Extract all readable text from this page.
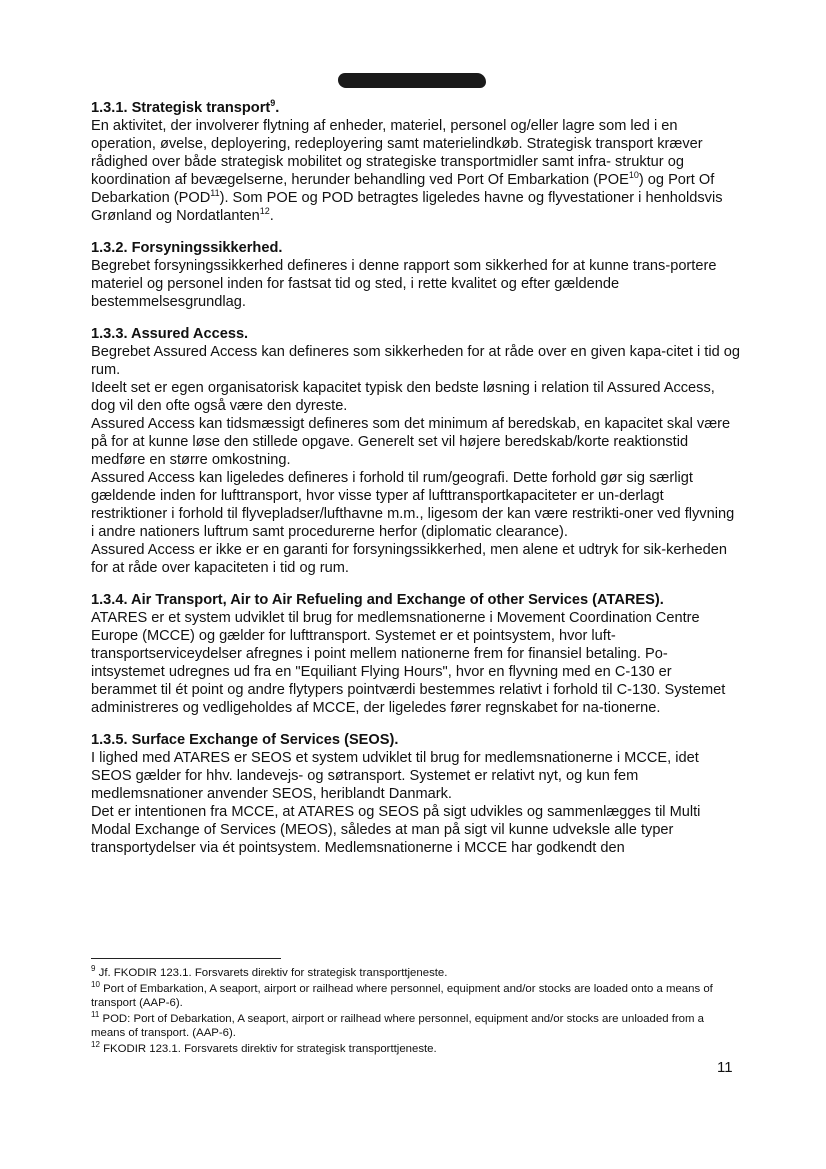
1.3.1. Strategisk transport$^9$.

En aktivitet, der involverer flytning af enheder, materiel, personel og/eller lagre som led i en operation, øvelse, deployering, redeployering samt materielindkøb. Strategisk transport kræver rådighed over både strategisk mobilitet og strategiske transportmidler samt infra- struktur og koordination af bevægelserne, herunder behandling ved Port Of Embarkation (POE$^{10}$) og Port Of Debarkation (POD$^{11}$). Som POE og POD betragtes ligeledes havne og flyvestationer i henholdsvis Grønland og Nordatlanten$^{12}$.

1.3.2. Forsyningssikkerhed.

Begrebet forsyningssikkerhed defineres i denne rapport som sikkerhed for at kunne trans-portere materiel og personel inden for fastsat tid og sted, i rette kvalitet og efter gældende bestemmelsesgrundlag.

1.3.3. Assured Access.

Begrebet Assured Access kan defineres som sikkerheden for at råde over en given kapa-citet i tid og rum.

Ideelt set er egen organisatorisk kapacitet typisk den bedste løsning i relation til Assured Access, dog vil den ofte også være den dyreste.

Assured Access kan tidsmæssigt defineres som det minimum af beredskab, en kapacitet skal være på for at kunne løse den stillede opgave. Generelt set vil højere beredskab/korte reaktionstid medføre en større omkostning.

Assured Access kan ligeledes defineres i forhold til rum/geografi. Dette forhold gør sig særligt gældende inden for lufttransport, hvor visse typer af lufttransportkapaciteter er un-derlagt restriktioner i forhold til flyvepladser/lufthavne m.m., ligesom der kan være restrikti-oner ved flyvning i andre nationers luftrum samt procedurerne herfor (diplomatic clearance).

Assured Access er ikke er en garanti for forsyningssikkerhed, men alene et udtryk for sik-kerheden for at råde over kapaciteten i tid og rum.

1.3.4. Air Transport, Air to Air Refueling and Exchange of other Services (ATARES).

ATARES er et system udviklet til brug for medlemsnationerne i Movement Coordination Centre Europe (MCCE) og gælder for lufttransport. Systemet er et pointsystem, hvor luft-transportserviceydelser afregnes i point mellem nationerne frem for finansiel betaling. Po-intsystemet udregnes ud fra en "Equiliant Flying Hours", hvor en flyvning med en C-130 er berammet til ét point og andre flytypers pointværdi bestemmes relativt i forhold til C-130. Systemet administreres og vedligeholdes af MCCE, der ligeledes fører regnskabet for na-tionerne.

1.3.5. Surface Exchange of Services (SEOS).

I lighed med ATARES er SEOS et system udviklet til brug for medlemsnationerne i MCCE, idet SEOS gælder for hhv. landevejs- og søtransport. Systemet er relativt nyt, og kun fem medlemsnationer anvender SEOS, heriblandt Danmark.

Det er intentionen fra MCCE, at ATARES og SEOS på sigt udvikles og sammenlægges til Multi Modal Exchange of Services (MEOS), således at man på sigt vil kunne udveksle alle typer transportydelser via ét pointsystem. Medlemsnationerne i MCCE har godkendt den

$^9$ Jf. FKODIR 123.1. Forsvarets direktiv for strategisk transporttjeneste.

$^{10}$ Port of Embarkation, A seaport, airport or railhead where personnel, equipment and/or stocks are loaded onto a means of transport (AAP-6).

$^{11}$ POD: Port of Debarkation, A seaport, airport or railhead where personnel, equipment and/or stocks are unloaded from a means of transport. (AAP-6).

$^{12}$ FKODIR 123.1. Forsvarets direktiv for strategisk transporttjeneste.

11
